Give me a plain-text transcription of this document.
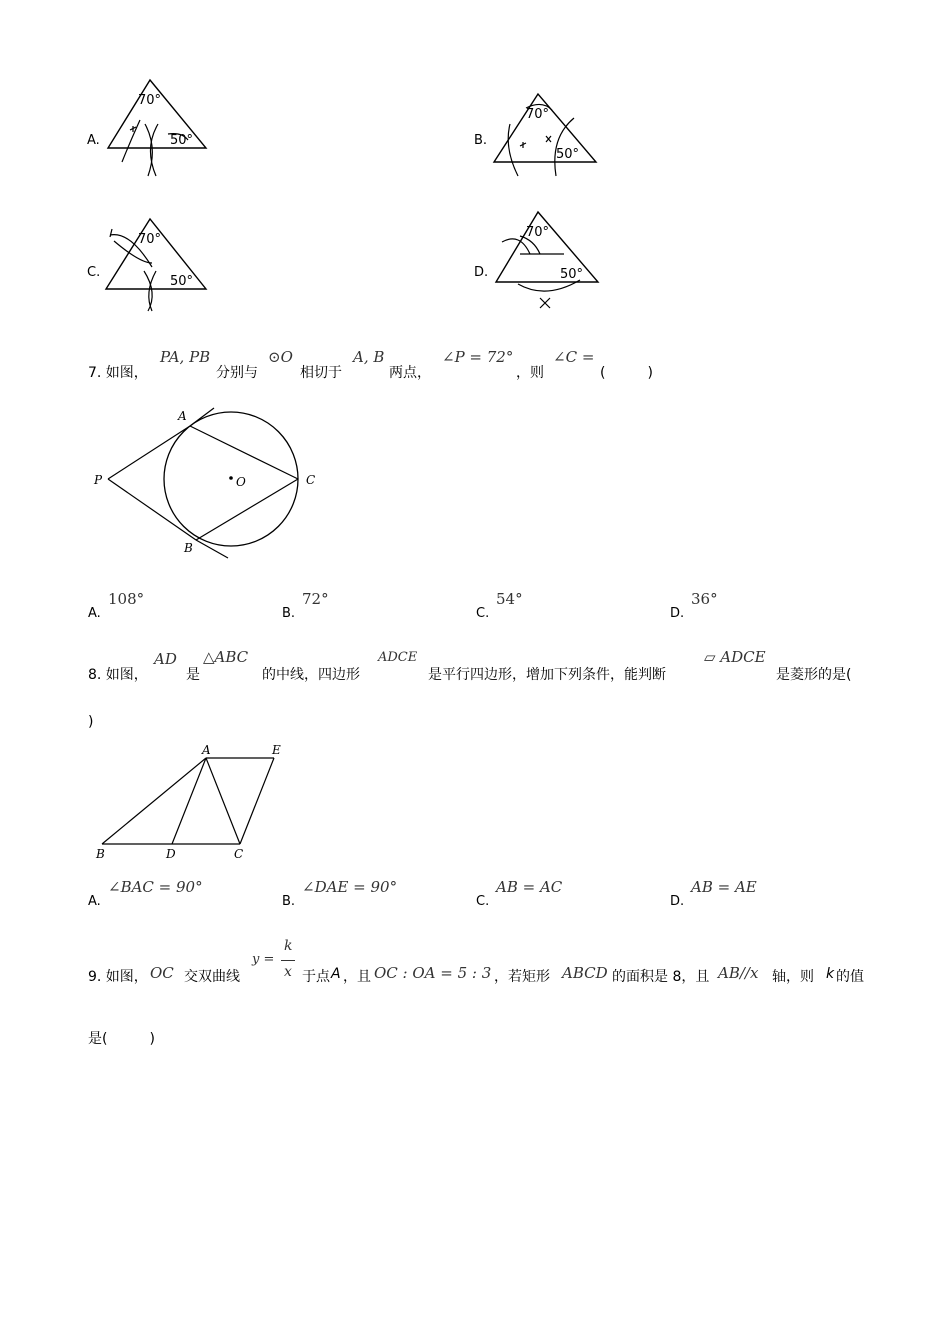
A.
70°
50°	B.
70°
50°
C.
70°
50°
D.
70°
50°
7. 如图，
PA, PB
分别与
⊙O
相切于
A, B
两点，
∠P = 72°
，则
∠C =
(　　　)
A
P	O	C
B
A.
108°
B.
72°
C.
54°
D.
36°
8. 如图，
AD
是
△ABC
的中线，四边形
ADCE
是平行四边形，增加下列条件，能判断
▱ ADCE
是菱形的是(
)
A	E
B	D	C
A.
∠BAC = 90°
B.
∠DAE = 90°
C.
AB = AC
D.
AB = AE
9. 如图， OC 交双曲线
y =
k
x 于点 A ，且 OC : OA = 5 : 3 ，若矩形 ABCD 的面积是 8，且 AB//x 轴，则 k 的值
是(　　　)
